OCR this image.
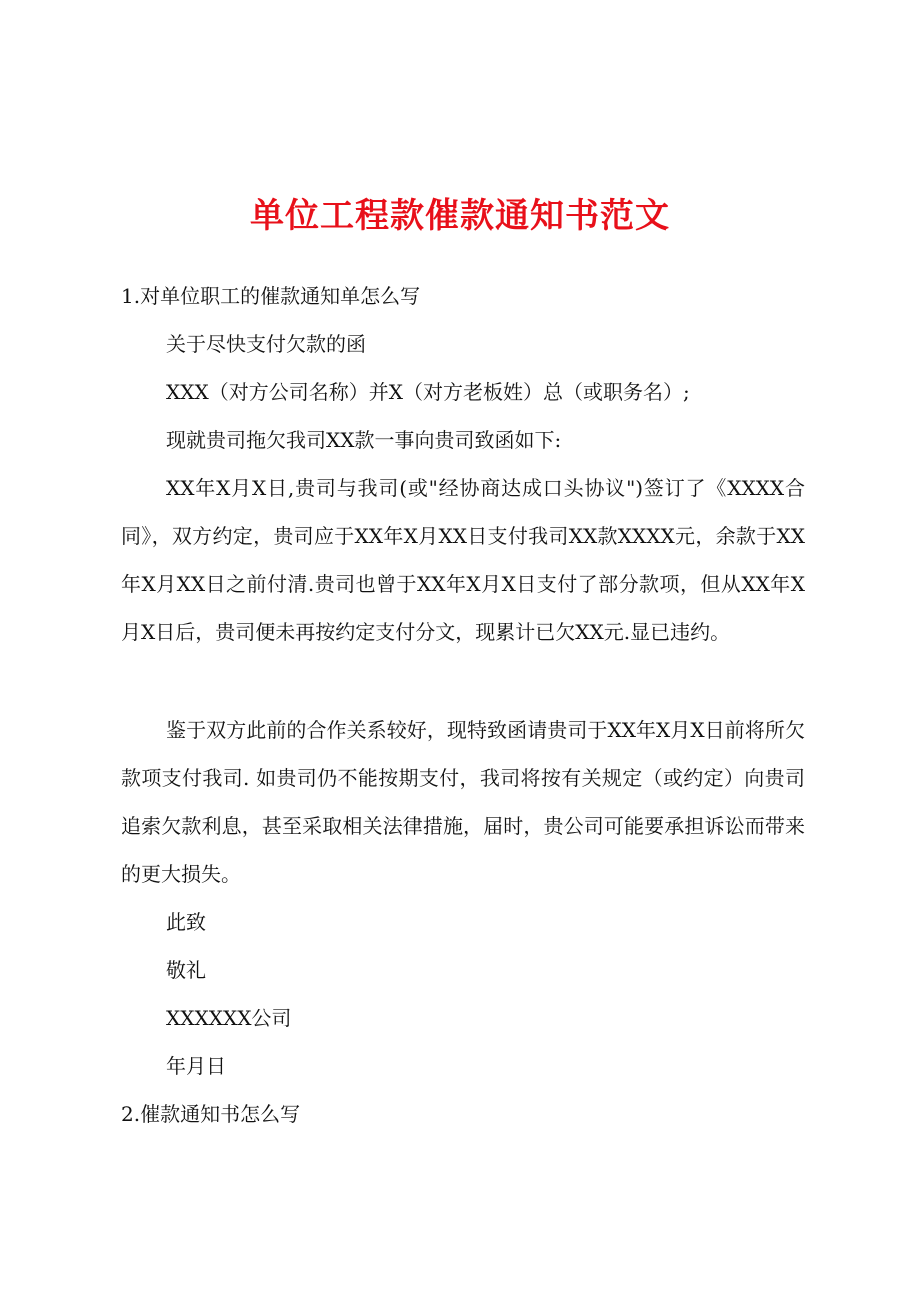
单位工程款催款通知书范文
1.对单位职工的催款通知单怎么写
关于尽快支付欠款的函
XXX（对方公司名称）并X（对方老板姓）总（或职务名）;
现就贵司拖欠我司XX款一事向贵司致函如下:
XX年X月X日,贵司与我司(或"经协商达成口头协议")签订了《XXXX合同》，双方约定，贵司应于XX年X月XX日支付我司XX款XXXX元，余款于XX年X月XX日之前付清.贵司也曾于XX年X月X日支付了部分款项，但从XX年X月X日后，贵司便未再按约定支付分文，现累计已欠XX元.显已违约。
鉴于双方此前的合作关系较好，现特致函请贵司于XX年X月X日前将所欠款项支付我司. 如贵司仍不能按期支付，我司将按有关规定（或约定）向贵司追索欠款利息，甚至采取相关法律措施，届时，贵公司可能要承担诉讼而带来的更大损失。
此致
敬礼
XXXXXX公司
年月日
2.催款通知书怎么写
